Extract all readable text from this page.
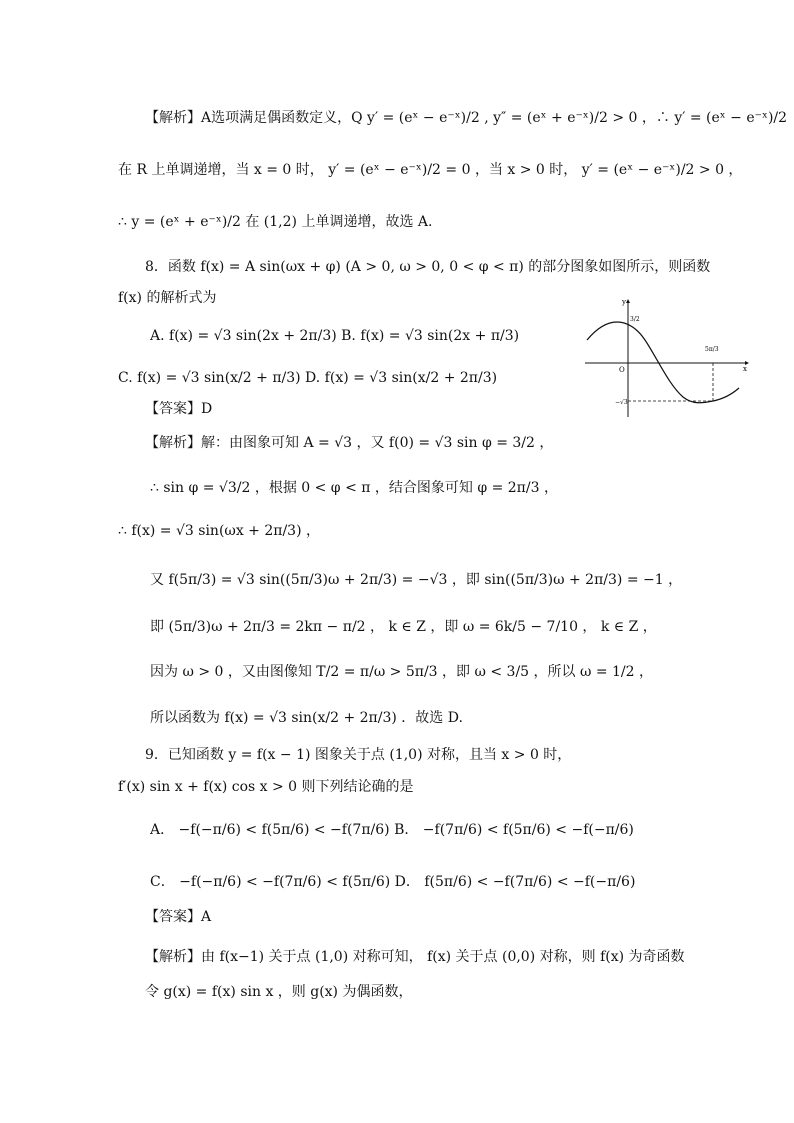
【解析】A选项满足偶函数定义，Q y′ = (eˣ − e⁻ˣ)/2 , y″ = (eˣ + e⁻ˣ)/2 > 0 ，∴ y′ = (eˣ − e⁻ˣ)/2
在 R 上单调递增，当 x = 0 时， y′ = (eˣ − e⁻ˣ)/2 = 0 ，当 x > 0 时， y′ = (eˣ − e⁻ˣ)/2 > 0 ，
∴ y = (eˣ + e⁻ˣ)/2 在 (1,2) 上单调递增，故选 A.
8．函数 f(x) = A sin(ωx + φ) (A > 0, ω > 0, 0 < φ < π) 的部分图象如图所示，则函数
f(x) 的解析式为
A. f(x) = √3 sin(2x + 2π/3) B. f(x) = √3 sin(2x + π/3)
C. f(x) = √3 sin(x/2 + π/3) D. f(x) = √3 sin(x/2 + 2π/3)
【答案】D
【解析】解：由图象可知 A = √3 ，又 f(0) = √3 sin φ = 3/2 ，
∴ sin φ = √3/2 ，根据 0 < φ < π ，结合图象可知 φ = 2π/3 ，
∴ f(x) = √3 sin(ωx + 2π/3) ，
又 f(5π/3) = √3 sin((5π/3)ω + 2π/3) = −√3 ，即 sin((5π/3)ω + 2π/3) = −1 ，
即 (5π/3)ω + 2π/3 = 2kπ − π/2 ， k ∈ Z ，即 ω = 6k/5 − 7/10 ， k ∈ Z ，
因为 ω > 0 ，又由图像知 T/2 = π/ω > 5π/3 ，即 ω < 3/5 ，所以 ω = 1/2 ，
所以函数为 f(x) = √3 sin(x/2 + 2π/3) ．故选 D.
9．已知函数 y = f(x − 1) 图象关于点 (1,0) 对称，且当 x > 0 时，
f′(x) sin x + f(x) cos x > 0 则下列结论确的是
A． −f(−π/6) < f(5π/6) < −f(7π/6) B． −f(7π/6) < f(5π/6) < −f(−π/6)
C． −f(−π/6) < −f(7π/6) < f(5π/6) D． f(5π/6) < −f(7π/6) < −f(−π/6)
【答案】A
【解析】由 f(x−1) 关于点 (1,0) 对称可知， f(x) 关于点 (0,0) 对称，则 f(x) 为奇函数
令 g(x) = f(x) sin x ，则 g(x) 为偶函数，
y
x
O
3/2
5π/3
−√3
